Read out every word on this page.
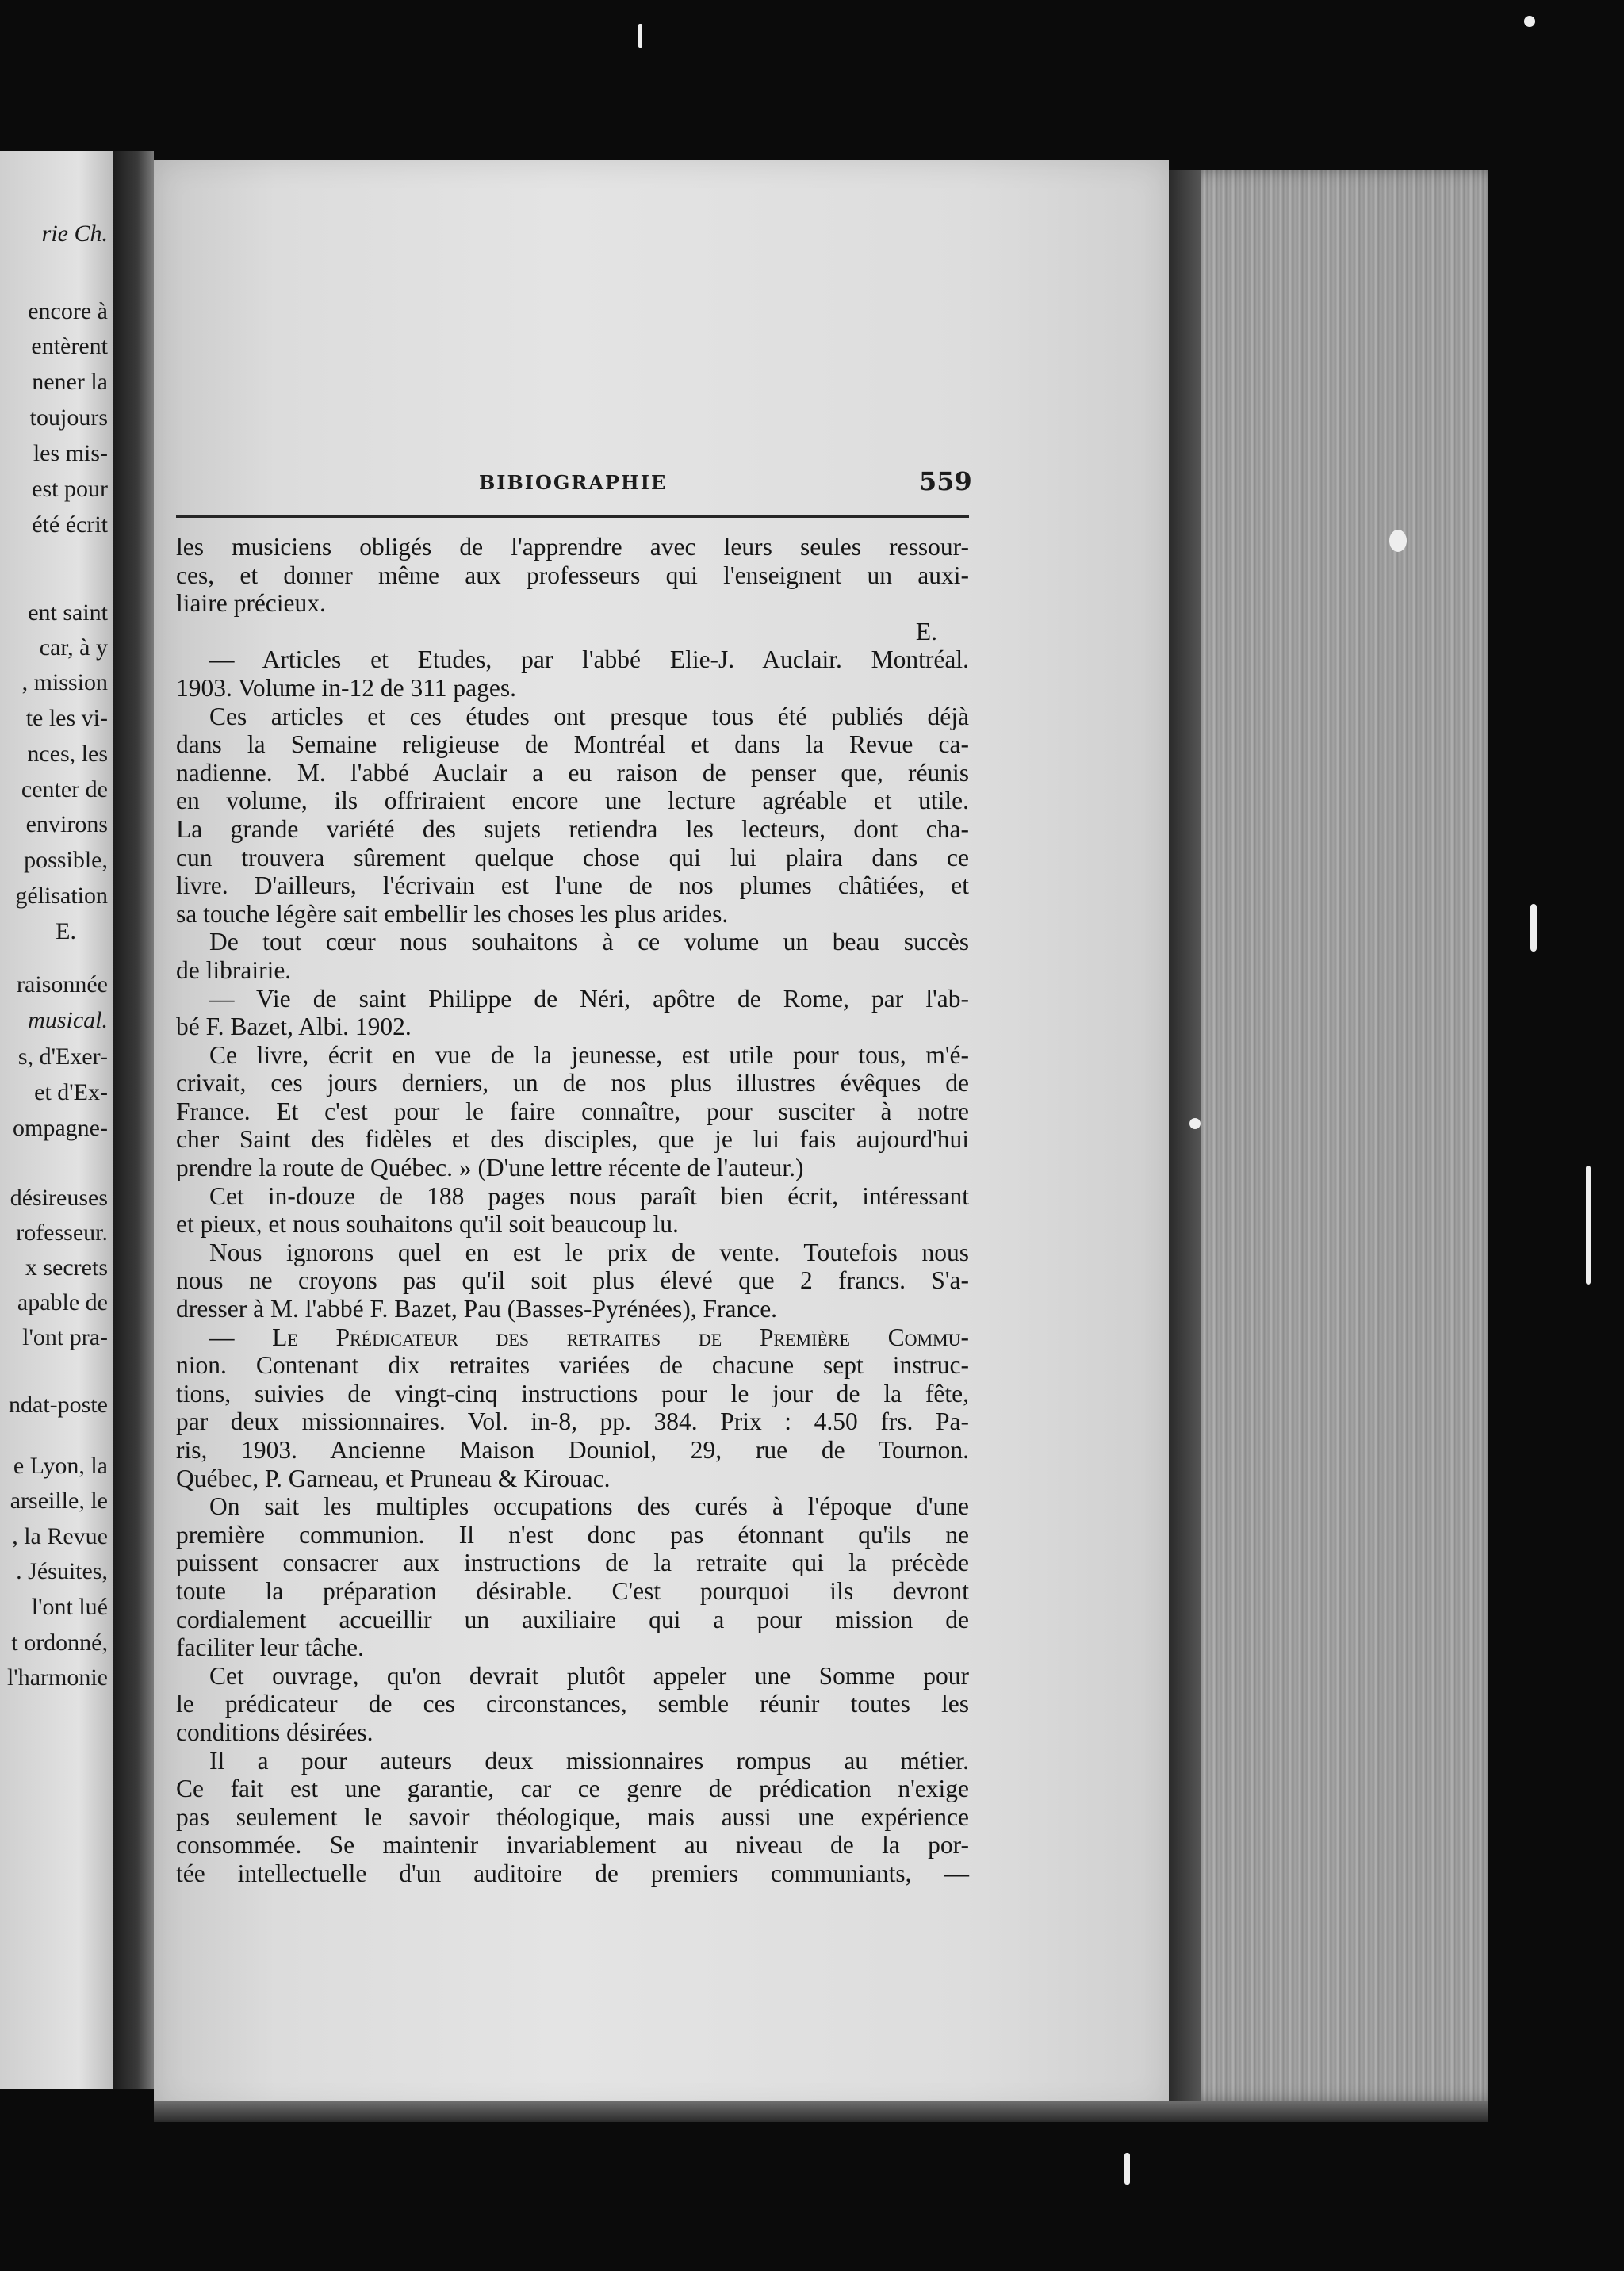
rie Ch.
encore à
entèrent
nener la
toujours
les mis-
est pour
été écrit
ent saint
car, à y
, mission
te les vi-
nces, les
center de
environs
possible,
gélisation
E.
raisonnée
musical.
s, d'Exer-
et d'Ex-
ompagne-
désireuses
rofesseur.
x secrets
apable de
l'ont pra-
ndat-poste
e Lyon, la
arseille, le
, la Revue
. Jésuites,
l'ont lué
t ordonné,
l'harmonie
BIBIOGRAPHIE	559
les musiciens obligés de l'apprendre avec leurs seules ressour-
ces, et donner même aux professeurs qui l'enseignent un auxi-
liaire précieux.
E.
— Articles et Etudes, par l'abbé Elie-J. Auclair. Montréal.
1903. Volume in-12 de 311 pages.
Ces articles et ces études ont presque tous été publiés déjà
dans la Semaine religieuse de Montréal et dans la Revue ca-
nadienne. M. l'abbé Auclair a eu raison de penser que, réunis
en volume, ils offriraient encore une lecture agréable et utile.
La grande variété des sujets retiendra les lecteurs, dont cha-
cun trouvera sûrement quelque chose qui lui plaira dans ce
livre. D'ailleurs, l'écrivain est l'une de nos plumes châtiées, et
sa touche légère sait embellir les choses les plus arides.
De tout cœur nous souhaitons à ce volume un beau succès
de librairie.
— Vie de saint Philippe de Néri, apôtre de Rome, par l'ab-
bé F. Bazet, Albi. 1902.
Ce livre, écrit en vue de la jeunesse, est utile pour tous, m'é-
crivait, ces jours derniers, un de nos plus illustres évêques de
France. Et c'est pour le faire connaître, pour susciter à notre
cher Saint des fidèles et des disciples, que je lui fais aujourd'hui
prendre la route de Québec. » (D'une lettre récente de l'auteur.)
Cet in-douze de 188 pages nous paraît bien écrit, intéressant
et pieux, et nous souhaitons qu'il soit beaucoup lu.
Nous ignorons quel en est le prix de vente. Toutefois nous
nous ne croyons pas qu'il soit plus élevé que 2 francs. S'a-
dresser à M. l'abbé F. Bazet, Pau (Basses-Pyrénées), France.
— Le Prédicateur des retraites de Première Commu-
nion. Contenant dix retraites variées de chacune sept instruc-
tions, suivies de vingt-cinq instructions pour le jour de la fête,
par deux missionnaires. Vol. in-8, pp. 384. Prix : 4.50 frs. Pa-
ris, 1903. Ancienne Maison Douniol, 29, rue de Tournon.
Québec, P. Garneau, et Pruneau & Kirouac.
On sait les multiples occupations des curés à l'époque d'une
première communion. Il n'est donc pas étonnant qu'ils ne
puissent consacrer aux instructions de la retraite qui la précède
toute la préparation désirable. C'est pourquoi ils devront
cordialement accueillir un auxiliaire qui a pour mission de
faciliter leur tâche.
Cet ouvrage, qu'on devrait plutôt appeler une Somme pour
le prédicateur de ces circonstances, semble réunir toutes les
conditions désirées.
Il a pour auteurs deux missionnaires rompus au métier.
Ce fait est une garantie, car ce genre de prédication n'exige
pas seulement le savoir théologique, mais aussi une expérience
consommée. Se maintenir invariablement au niveau de la por-
tée intellectuelle d'un auditoire de premiers communiants, —
